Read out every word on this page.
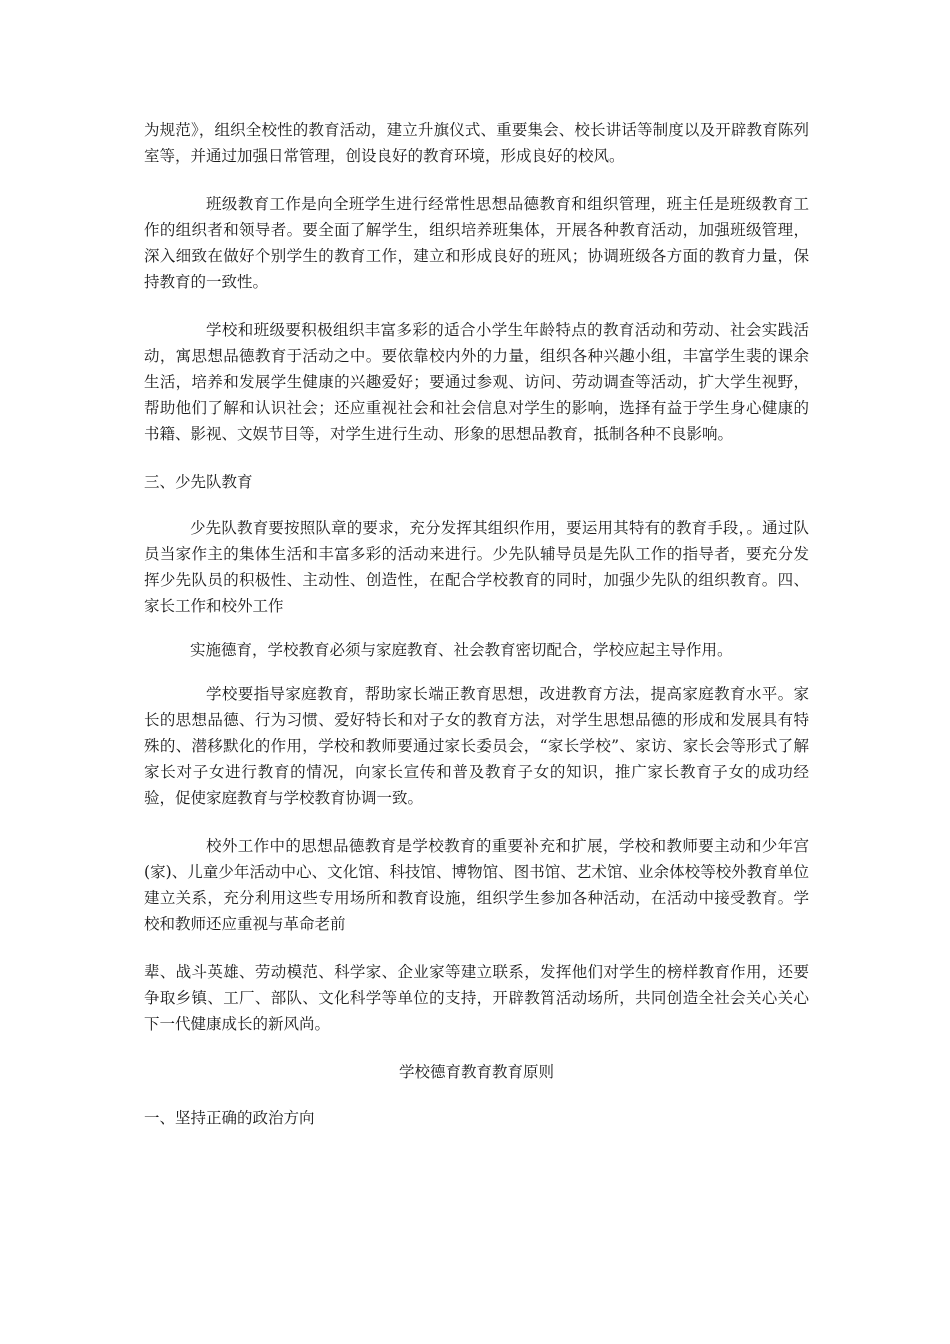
为规范》，组织全校性的教育活动，建立升旗仪式、重要集会、校长讲话等制度以及开辟教育陈列室等，并通过加强日常管理，创设良好的教育环境，形成良好的校风。

班级教育工作是向全班学生进行经常性思想品德教育和组织管理，班主任是班级教育工作的组织者和领导者。要全面了解学生，组织培养班集体，开展各种教育活动，加强班级管理，深入细致在做好个别学生的教育工作，建立和形成良好的班风；协调班级各方面的教育力量，保持教育的一致性。

学校和班级要积极组织丰富多彩的适合小学生年龄特点的教育活动和劳动、社会实践活动，寓思想品德教育于活动之中。要依靠校内外的力量，组织各种兴趣小组，丰富学生裴的课余生活，培养和发展学生健康的兴趣爱好；要通过参观、访问、劳动调查等活动，扩大学生视野，帮助他们了解和认识社会；还应重视社会和社会信息对学生的影响，选择有益于学生身心健康的书籍、影视、文娱节目等，对学生进行生动、形象的思想品教育，抵制各种不良影响。

三、少先队教育

少先队教育要按照队章的要求，充分发挥其组织作用，要运用其特有的教育手段，。通过队员当家作主的集体生活和丰富多彩的活动来进行。少先队辅导员是先队工作的指导者，要充分发挥少先队员的积极性、主动性、创造性，在配合学校教育的同时，加强少先队的组织教育。四、家长工作和校外工作

实施德育，学校教育必须与家庭教育、社会教育密切配合，学校应起主导作用。

学校要指导家庭教育，帮助家长端正教育思想，改进教育方法，提高家庭教育水平。家长的思想品德、行为习惯、爱好特长和对子女的教育方法，对学生思想品德的形成和发展具有特殊的、潜移默化的作用，学校和教师要通过家长委员会，“家长学校”、家访、家长会等形式了解家长对子女进行教育的情况，向家长宣传和普及教育子女的知识，推广家长教育子女的成功经验，促使家庭教育与学校教育协调一致。

校外工作中的思想品德教育是学校教育的重要补充和扩展，学校和教师要主动和少年宫(家)、儿童少年活动中心、文化馆、科技馆、博物馆、图书馆、艺术馆、业余体校等校外教育单位建立关系，充分利用这些专用场所和教育设施，组织学生参加各种活动，在活动中接受教育。学校和教师还应重视与革命老前

辈、战斗英雄、劳动模范、科学家、企业家等建立联系，发挥他们对学生的榜样教育作用，还要争取乡镇、工厂、部队、文化科学等单位的支持，开辟教筲活动场所，共同创造全社会关心关心下一代健康成长的新风尚。

学校德育教育教育原则

一、坚持正确的政治方向
